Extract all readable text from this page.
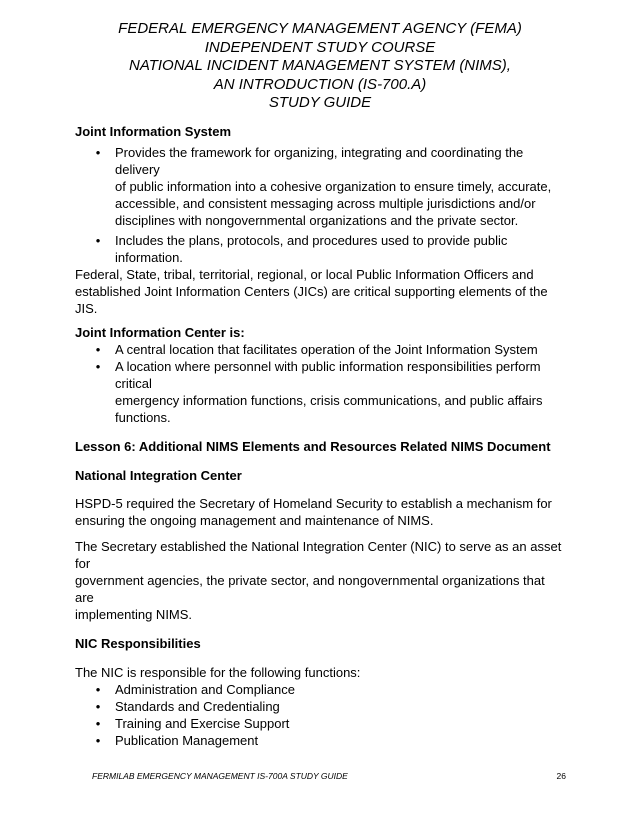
FEDERAL EMERGENCY MANAGEMENT AGENCY (FEMA)
INDEPENDENT STUDY COURSE
NATIONAL INCIDENT MANAGEMENT SYSTEM (NIMS),
AN INTRODUCTION (IS-700.A)
STUDY GUIDE

Joint Information System

• Provides the framework for organizing, integrating and coordinating the delivery
of public information into a cohesive organization to ensure timely, accurate,
accessible, and consistent messaging across multiple jurisdictions and/or
disciplines with nongovernmental organizations and the private sector.
• Includes the plans, protocols, and procedures used to provide public information.
Federal, State, tribal, territorial, regional, or local Public Information Officers and
established Joint Information Centers (JICs) are critical supporting elements of the JIS.

Joint Information Center is:

• A central location that facilitates operation of the Joint Information System
• A location where personnel with public information responsibilities perform critical
emergency information functions, crisis communications, and public affairs
functions.

Lesson 6: Additional NIMS Elements and Resources Related NIMS Document

National Integration Center

HSPD-5 required the Secretary of Homeland Security to establish a mechanism for
ensuring the ongoing management and maintenance of NIMS.
The Secretary established the National Integration Center (NIC) to serve as an asset for
government agencies, the private sector, and nongovernmental organizations that are
implementing NIMS.

NIC Responsibilities

The NIC is responsible for the following functions:

• Administration and Compliance
• Standards and Credentialing
• Training and Exercise Support
• Publication Management
FERMILAB EMERGENCY MANAGEMENT IS-700A STUDY GUIDE	26
